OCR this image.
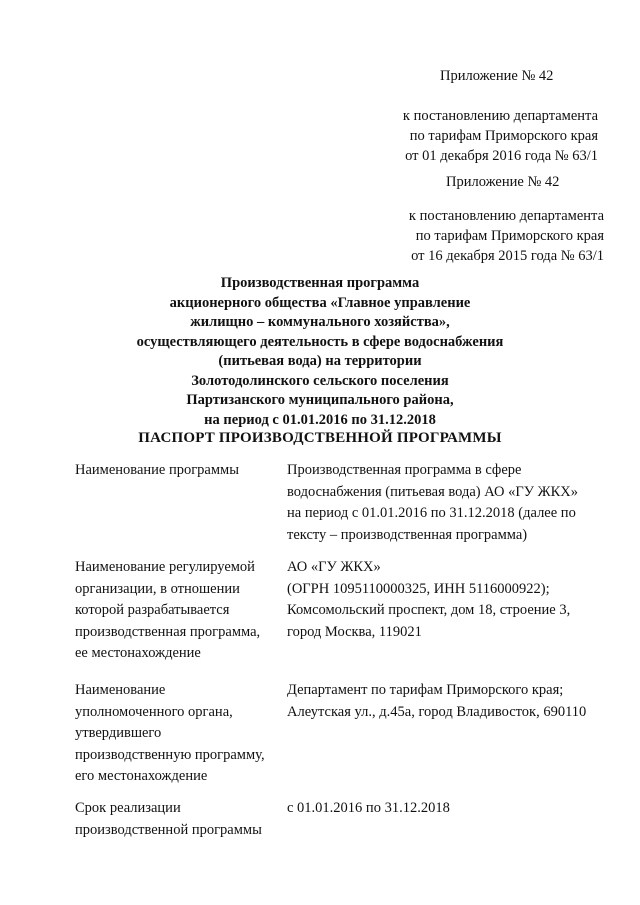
Приложение № 42
к постановлению департамента
по тарифам Приморского края
от 01 декабря 2016 года № 63/1
Приложение № 42
к постановлению департамента
по тарифам Приморского края
от 16 декабря 2015 года № 63/1
Производственная программа
акционерного общества «Главное управление
жилищно – коммунального хозяйства»,
осуществляющего деятельность в сфере водоснабжения
(питьевая вода) на территории
Золотодолинского сельского поселения
Партизанского муниципального района,
на период с 01.01.2016 по 31.12.2018
ПАСПОРТ ПРОИЗВОДСТВЕННОЙ ПРОГРАММЫ
Наименование программы	Производственная программа в сфере
водоснабжения (питьевая вода) АО «ГУ ЖКХ»
на период с 01.01.2016 по 31.12.2018 (далее по
тексту – производственная программа)
Наименование регулируемой
организации, в отношении
которой разрабатывается
производственная программа,
ее местонахождение
АО «ГУ ЖКХ»
(ОГРН 1095110000325, ИНН 5116000922);
Комсомольский проспект, дом 18, строение 3,
город Москва, 119021
Наименование
уполномоченного органа,
утвердившего
производственную программу,
его местонахождение
Департамент по тарифам Приморского края;
Алеутская ул., д.45а, город Владивосток, 690110
Срок реализации
производственной программы
с 01.01.2016 по 31.12.2018
